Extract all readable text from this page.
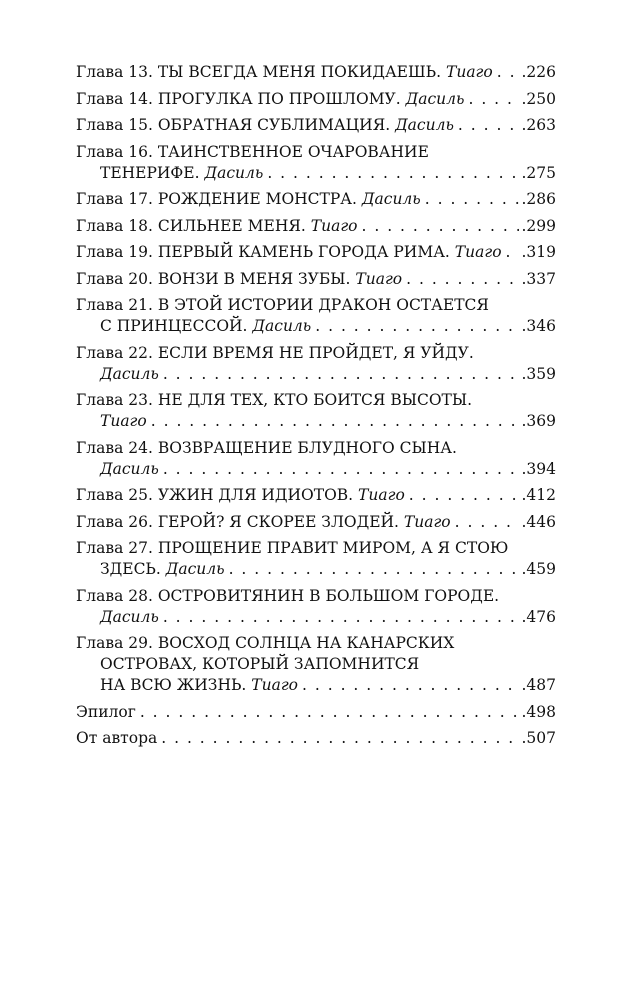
Глава 13. ТЫ ВСЕГДА МЕНЯ ПОКИДАЕШЬ. Тиаго . . . .226
Глава 14. ПРОГУЛКА ПО ПРОШЛОМУ. Дасиль . . .	.250
Глава 15. ОБРАТНАЯ СУБЛИМАЦИЯ. Дасиль . . .	.263
Глава 16. ТАИНСТВЕННОЕ ОЧАРОВАНИЕ
ТЕНЕРИФЕ. Дасиль . . .	.275
Глава 17. РОЖДЕНИЕ МОНСТРА. Дасиль . . .	.286
Глава 18. СИЛЬНЕЕ МЕНЯ. Тиаго . . .	.299
Глава 19. ПЕРВЫЙ КАМЕНЬ ГОРОДА РИМА. Тиаго . . . .319
Глава 20. ВОНЗИ В МЕНЯ ЗУБЫ. Тиаго . . .	.337
Глава 21. В ЭТОЙ ИСТОРИИ ДРАКОН ОСТАЕТСЯ
С ПРИНЦЕССОЙ. Дасиль . . .	.346
Глава 22. ЕСЛИ ВРЕМЯ НЕ ПРОЙДЕТ, Я УЙДУ.
Дасиль . . .	.359
Глава 23. НЕ ДЛЯ ТЕХ, КТО БОИТСЯ ВЫСОТЫ.
Тиаго . . .	.369
Глава 24. ВОЗВРАЩЕНИЕ БЛУДНОГО СЫНА.
Дасиль . . .	.394
Глава 25. УЖИН ДЛЯ ИДИОТОВ. Тиаго . . .	.412
Глава 26. ГЕРОЙ? Я СКОРЕЕ ЗЛОДЕЙ. Тиаго . . .	.446
Глава 27. ПРОЩЕНИЕ ПРАВИТ МИРОМ, А Я СТОЮ
ЗДЕСЬ. Дасиль . . .	.459
Глава 28. ОСТРОВИТЯНИН В БОЛЬШОМ ГОРОДЕ.
Дасиль . . .	.476
Глава 29. ВОСХОД СОЛНЦА НА КАНАРСКИХ
ОСТРОВАХ, КОТОРЫЙ ЗАПОМНИТСЯ
НА ВСЮ ЖИЗНЬ. Тиаго . . .	.487
Эпилог . . .	.498
От автора . . .	.507
